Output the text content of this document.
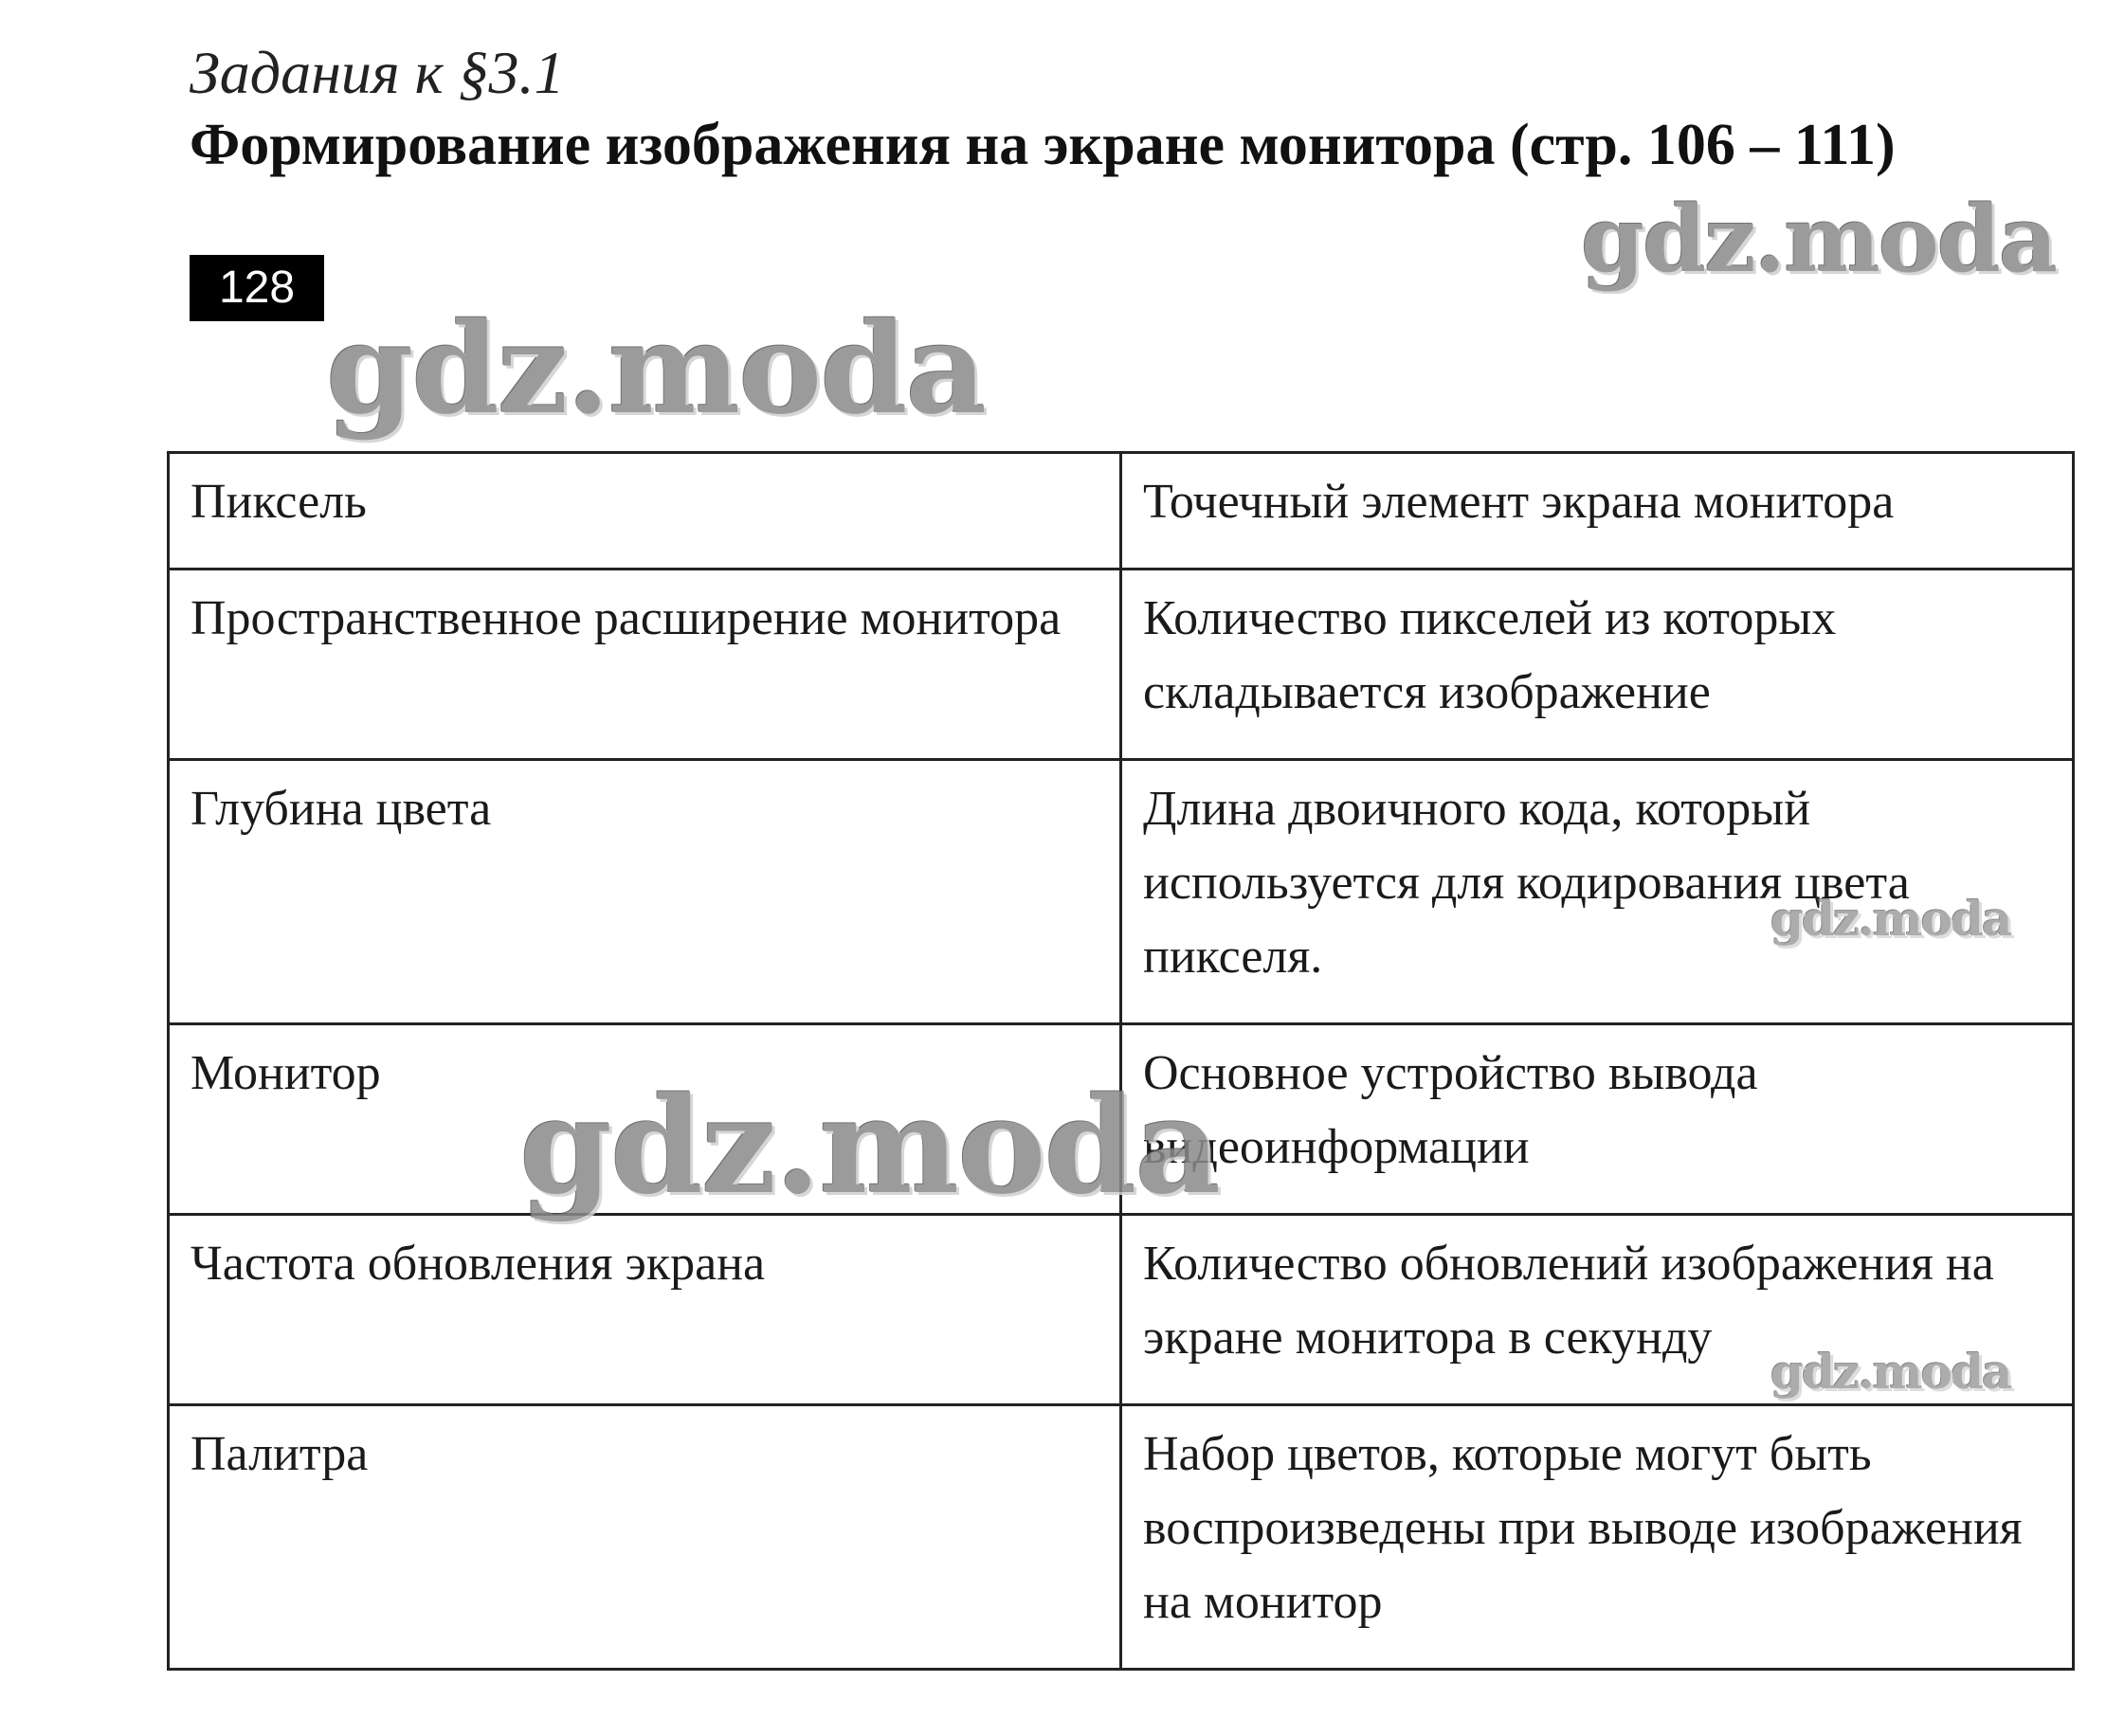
Задания к §3.1
Формирование изображения на экране монитора (стр. 106 – 111)
128	gdz.moda
gdz.moda
Пиксель	Точечный элемент экрана монитора
Пространственное расширение монитора	Количество пикселей из которых складывается изображение
Глубина цвета	Длина двоичного кода, который используется для кодирования цвета пикселя.
Монитор	Основное устройство вывода видеоинформации
Частота обновления экрана	Количество обновлений изображения на экране монитора в секунду
Палитра	Набор цветов, которые могут быть воспроизведены при выводе изображения на монитор
gdz.moda
gdz.moda
gdz.moda
